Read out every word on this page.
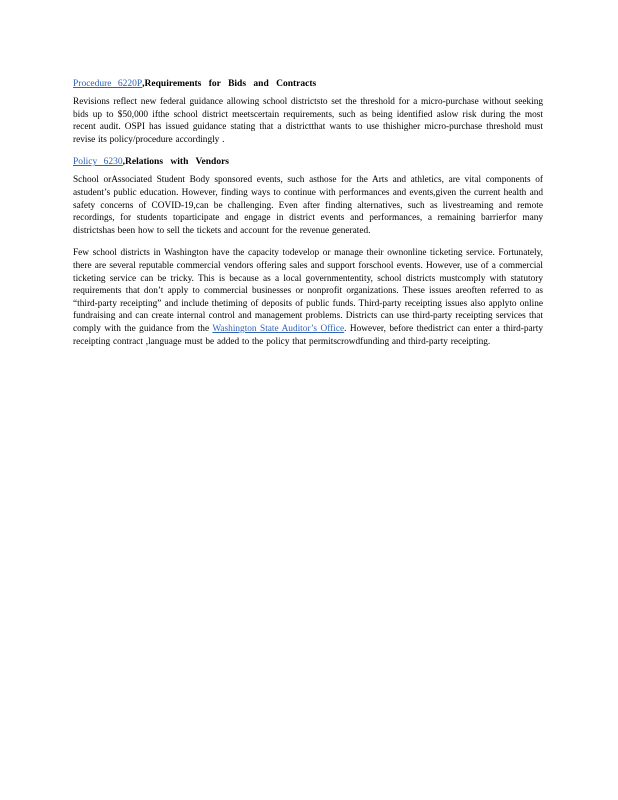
Procedure 6220P,Requirements for Bids and Contracts

Revisions reflect new federal guidance allowing school districtsto set the threshold for a micro-purchase without seeking bids up to $50,000 ifthe school district meetscertain requirements, such as being identified aslow risk during the most recent audit. OSPI has issued guidance stating that a districtthat wants to use thishigher micro-purchase threshold must revise its policy/procedure accordingly .

Policy 6230,Relations with Vendors

School orAssociated Student Body sponsored events, such asthose for the Arts and athletics, are vital components of astudent’s public education. However, finding ways to continue with performances and events,given the current health and safety concerns of COVID-19,can be challenging. Even after finding alternatives, such as livestreaming and remote recordings, for students toparticipate and engage in district events and performances, a remaining barrierfor many districtshas been how to sell the tickets and account for the revenue generated.

Few school districts in Washington have the capacity todevelop or manage their ownonline ticketing service. Fortunately, there are several reputable commercial vendors offering sales and support forschool events. However, use of a commercial ticketing service can be tricky. This is because as a local governmententity, school districts mustcomply with statutory requirements that don’t apply to commercial businesses or nonprofit organizations. These issues areoften referred to as “third-party receipting” and include thetiming of deposits of public funds. Third-party receipting issues also applyto online fundraising and can create internal control and management problems. Districts can use third-party receipting services that comply with the guidance from the Washington State Auditor’s Office. However, before thedistrict can enter a third-party receipting contract ,language must be added to the policy that permitscrowdfunding and third-party receipting.
